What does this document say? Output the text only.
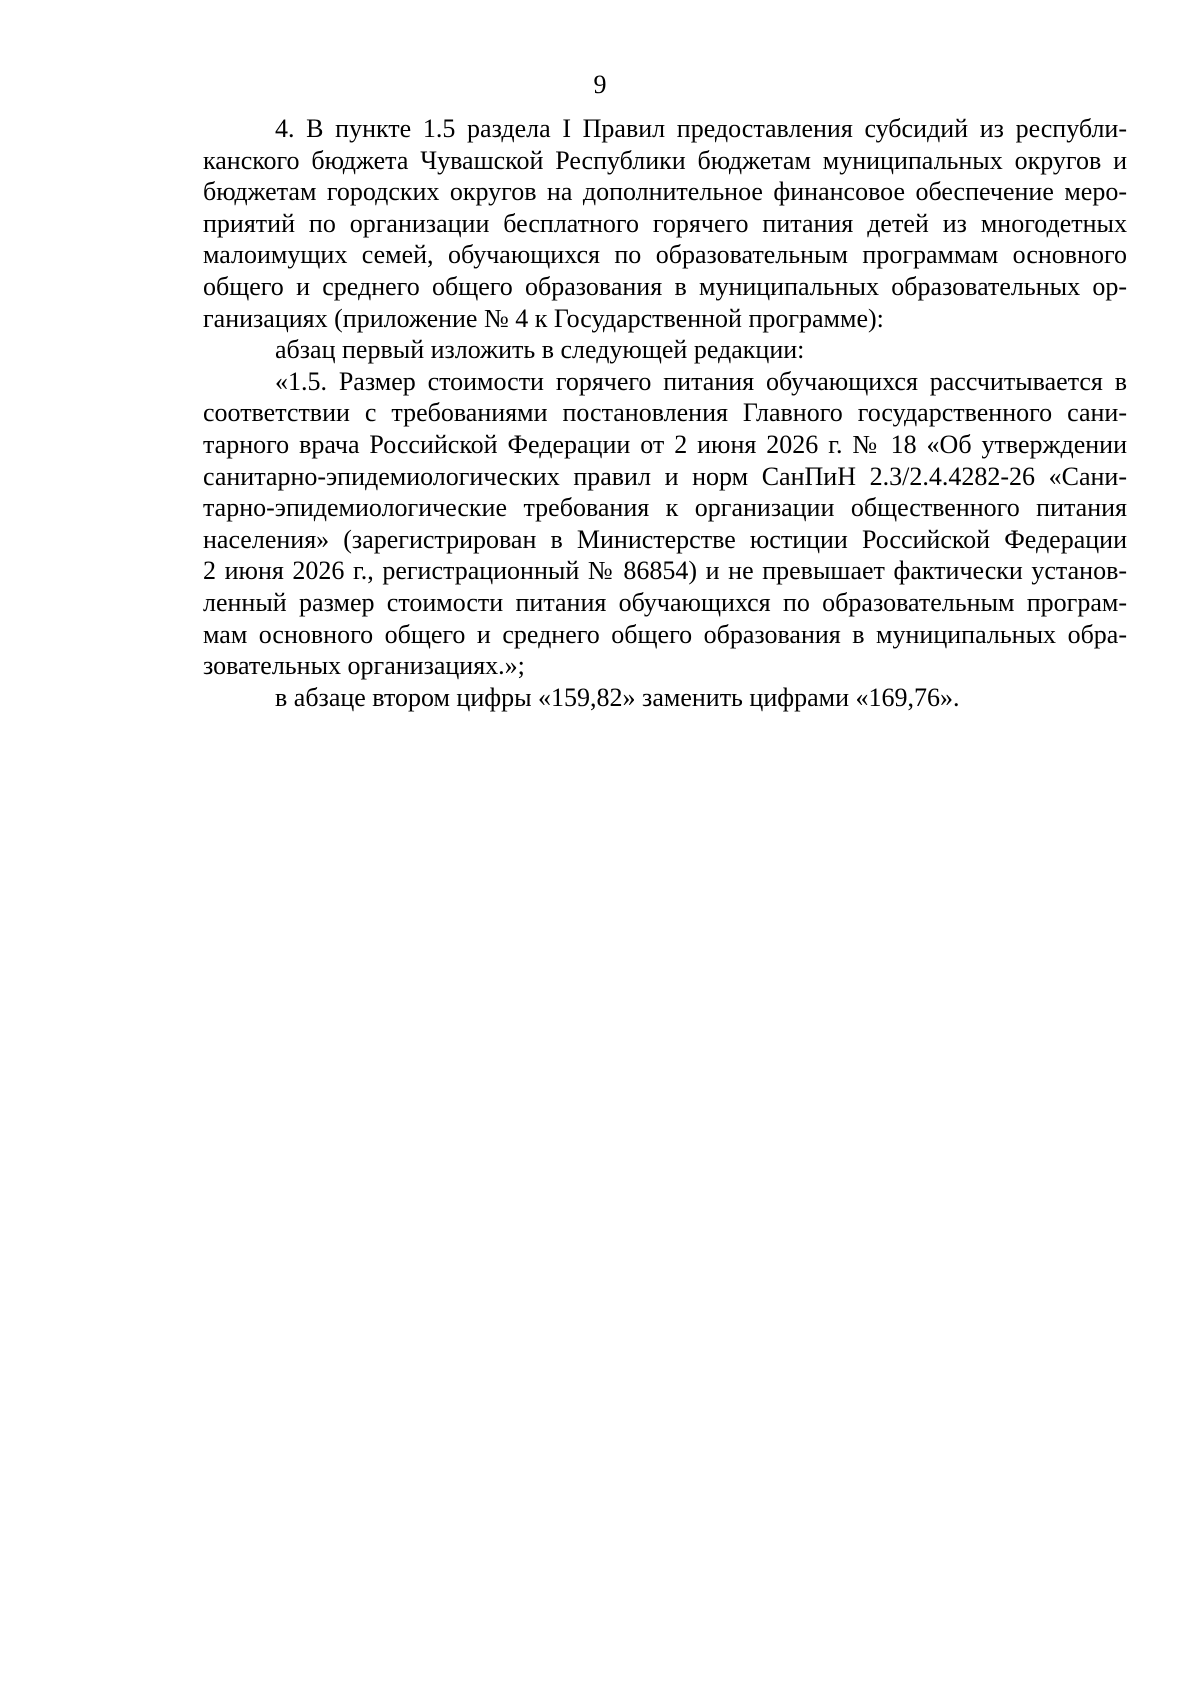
9
4. В пункте 1.5 раздела I Правил предоставления субсидий из республи-
канского бюджета Чувашской Республики бюджетам муниципальных округов и
бюджетам городских округов на дополнительное финансовое обеспечение меро-
приятий по организации бесплатного горячего питания детей из многодетных
малоимущих семей, обучающихся по образовательным программам основного
общего и среднего общего образования в муниципальных образовательных ор-
ганизациях (приложение № 4 к Государственной программе):
абзац первый изложить в следующей редакции:
«1.5. Размер стоимости горячего питания обучающихся рассчитывается в
соответствии с требованиями постановления Главного государственного сани-
тарного врача Российской Федерации от 2 июня 2026 г. № 18 «Об утверждении
санитарно-эпидемиологических правил и норм СанПиН 2.3/2.4.4282-26 «Сани-
тарно-эпидемиологические требования к организации общественного питания
населения» (зарегистрирован в Министерстве юстиции Российской Федерации
2 июня 2026 г., регистрационный № 86854) и не превышает фактически установ-
ленный размер стоимости питания обучающихся по образовательным програм-
мам основного общего и среднего общего образования в муниципальных обра-
зовательных организациях.»;
в абзаце втором цифры «159,82» заменить цифрами «169,76».
